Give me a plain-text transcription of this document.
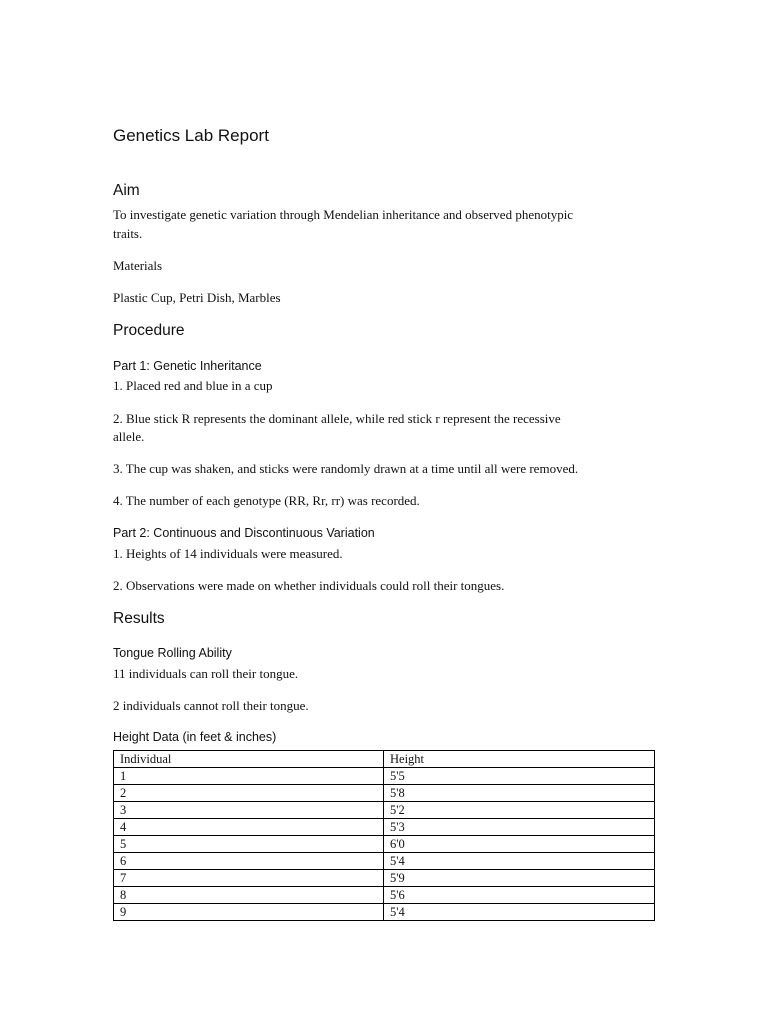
Genetics Lab Report
Aim

To investigate genetic variation through Mendelian inheritance and observed phenotypic

traits.

Materials

Plastic Cup, Petri Dish, Marbles

Procedure
Part 1: Genetic Inheritance

1. Placed red and blue in a cup

2. Blue stick R represents the dominant allele, while red stick r represent the recessive

allele.

3. The cup was shaken, and sticks were randomly drawn at a time until all were removed.

4. The number of each genotype (RR, Rr, rr) was recorded.

Part 2: Continuous and Discontinuous Variation

1. Heights of 14 individuals were measured.

2. Observations were made on whether individuals could roll their tongues.

Results
Tongue Rolling Ability

11 individuals can roll their tongue.

2 individuals cannot roll their tongue.

Height Data (in feet & inches)
Individual	Height
1	5'5
2	5'8
3	5'2
4	5'3
5	6'0
6	5'4
7	5'9
8	5'6
9	5'4
